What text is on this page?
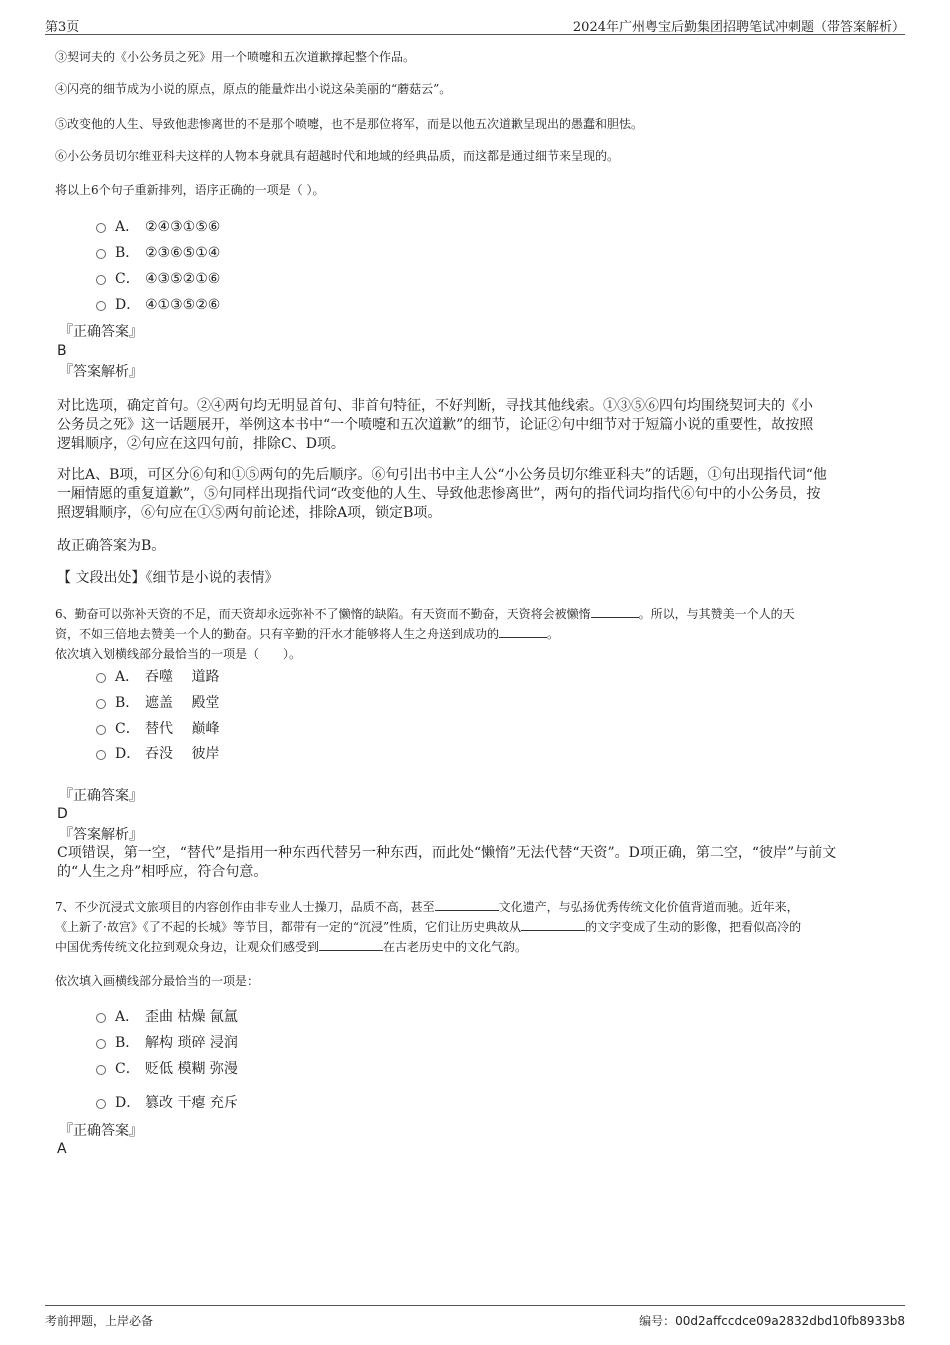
第3页	2024年广州粤宝后勤集团招聘笔试冲刺题（带答案解析）
③契诃夫的《小公务员之死》用一个喷嚏和五次道歉撑起整个作品。
④闪亮的细节成为小说的原点，原点的能量炸出小说这朵美丽的“蘑菇云”。
⑤改变他的人生、导致他悲惨离世的不是那个喷嚏，也不是那位将军，而是以他五次道歉呈现出的愚蠢和胆怯。
⑥小公务员切尔维亚科夫这样的人物本身就具有超越时代和地域的经典品质，而这都是通过细节来呈现的。
将以上6个句子重新排列，语序正确的一项是（ ）。
A． ②④③①⑤⑥
B． ②③⑥⑤①④
C． ④③⑤②①⑥
D． ④①③⑤②⑥
『正确答案』
B
『答案解析』
对比选项，确定首句。②④两句均无明显首句、非首句特征，不好判断，寻找其他线索。①③⑤⑥四句均围绕契诃夫的《小
公务员之死》这一话题展开，举例这本书中“一个喷嚏和五次道歉”的细节，论证②句中细节对于短篇小说的重要性，故按照
逻辑顺序，②句应在这四句前，排除C、D项。
对比A、B项，可区分⑥句和①⑤两句的先后顺序。⑥句引出书中主人公“小公务员切尔维亚科夫”的话题，①句出现指代词“他
一厢情愿的重复道歉”，⑤句同样出现指代词“改变他的人生、导致他悲惨离世”，两句的指代词均指代⑥句中的小公务员，按
照逻辑顺序，⑥句应在①⑤两句前论述，排除A项，锁定B项。
故正确答案为B。
【 文段出处】《细节是小说的表情》
6、勤奋可以弥补天资的不足，而天资却永远弥补不了懒惰的缺陷。有天资而不勤奋，天资将会被懒惰	。所以，与其赞美一个人的天
资，不如三倍地去赞美一个人的勤奋。只有辛勤的汗水才能够将人生之舟送到成功的	。
依次填入划横线部分最恰当的一项是（　　）。
A． 吞噬　 道路
B． 遮盖　 殿堂
C． 替代　 巅峰
D． 吞没　 彼岸
『正确答案』
D
『答案解析』
C项错误，第一空，“替代”是指用一种东西代替另一种东西，而此处“懒惰”无法代替“天资”。D项正确，第二空，“彼岸”与前文
的“人生之舟”相呼应，符合句意。
7、不少沉浸式文旅项目的内容创作由非专业人士操刀，品质不高，甚至	文化遗产，与弘扬优秀传统文化价值背道而驰。近年来，
《上新了·故宫》《了不起的长城》等节目，都带有一定的“沉浸”性质，它们让历史典故从	的文字变成了生动的影像，把看似高冷的
中国优秀传统文化拉到观众身边，让观众们感受到	在古老历史中的文化气韵。
依次填入画横线部分最恰当的一项是：
A． 歪曲 枯燥 氤氲
B． 解构 琐碎 浸润
C． 贬低 模糊 弥漫
D． 篡改 干瘪 充斥
『正确答案』
A
考前押题，上岸必备	编号：00d2affccdce09a2832dbd10fb8933b8
